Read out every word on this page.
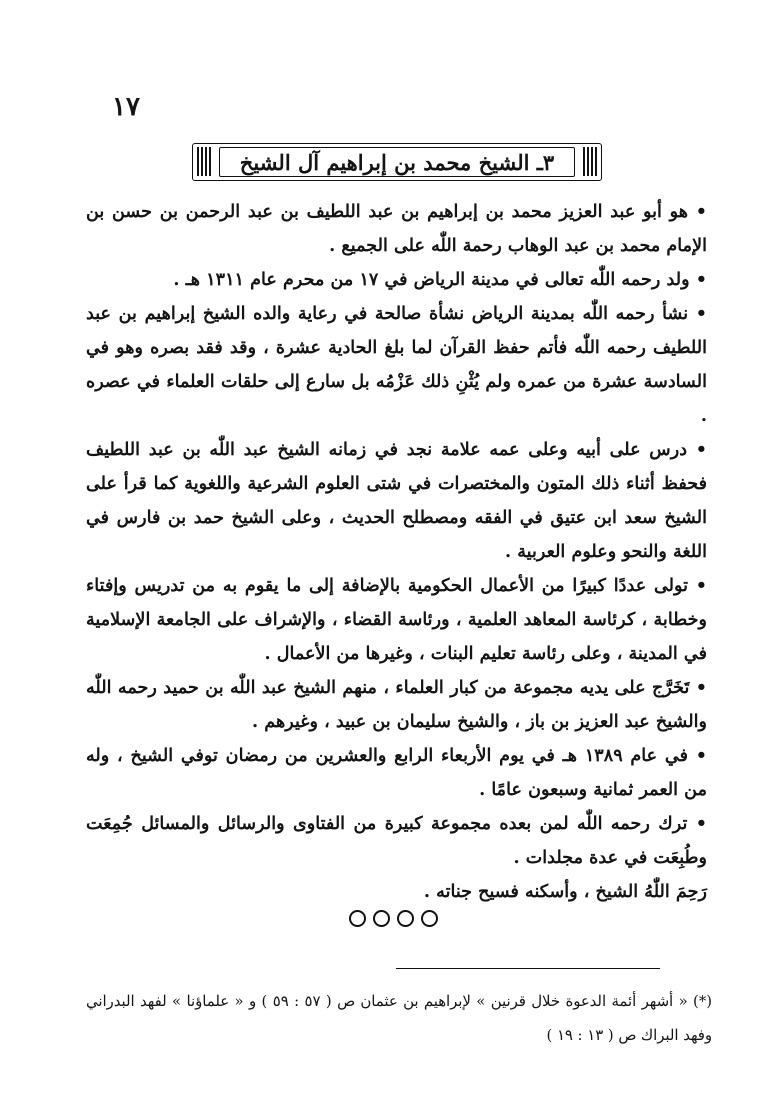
١٧
٣ـ الشيخ محمد بن إبراهيم آل الشيخ

• هو أبو عبد العزيز محمد بن إبراهيم بن عبد اللطيف بن عبد الرحمن بن حسن بن الإمام محمد بن عبد الوهاب رحمة اللّٰه على الجميع .

• ولد رحمه اللّٰه تعالى في مدينة الرياض في ١٧ من محرم عام ١٣١١ هـ .

• نشأ رحمه اللّٰه بمدينة الرياض نشأة صالحة في رعاية والده الشيخ إبراهيم بن عبد اللطيف رحمه اللّٰه فأتم حفظ القرآن لما بلغ الحادية عشرة ، وقد فقد بصره وهو في السادسة عشرة من عمره ولم يُثْنِ ذلك عَزْمُه بل سارع إلى حلقات العلماء في عصره .

• درس على أبيه وعلى عمه علامة نجد في زمانه الشيخ عبد اللّٰه بن عبد اللطيف فحفظ أثناء ذلك المتون والمختصرات في شتى العلوم الشرعية واللغوية كما قرأ على الشيخ سعد ابن عتيق في الفقه ومصطلح الحديث ، وعلى الشيخ حمد بن فارس في اللغة والنحو وعلوم العربية .

• تولى عددًا كبيرًا من الأعمال الحكومية بالإضافة إلى ما يقوم به من تدريس وإفتاء وخطابة ، كرئاسة المعاهد العلمية ، ورئاسة القضاء ، والإشراف على الجامعة الإسلامية في المدينة ، وعلى رئاسة تعليم البنات ، وغيرها من الأعمال .

• تَخَرَّج على يديه مجموعة من كبار العلماء ، منهم الشيخ عبد اللّٰه بن حميد رحمه اللّٰه والشيخ عبد العزيز بن باز ، والشيخ سليمان بن عبيد ، وغيرهم .

• في عام ١٣٨٩ هـ في يوم الأربعاء الرابع والعشرين من رمضان توفي الشيخ ، وله من العمر ثمانية وسبعون عامًا .

• ترك رحمه اللّٰه لمن بعده مجموعة كبيرة من الفتاوى والرسائل والمسائل جُمِعَت وطُبِعَت في عدة مجلدات .

رَحِمَ اللّٰهُ الشيخ ، وأسكنه فسيح جناته .

(*) « أشهر أئمة الدعوة خلال قرنين » لإبراهيم بن عثمان ص ( ٥٧ : ٥٩ ) و « علماؤنا » لفهد البدراني وفهد البراك ص ( ١٣ : ١٩ )
